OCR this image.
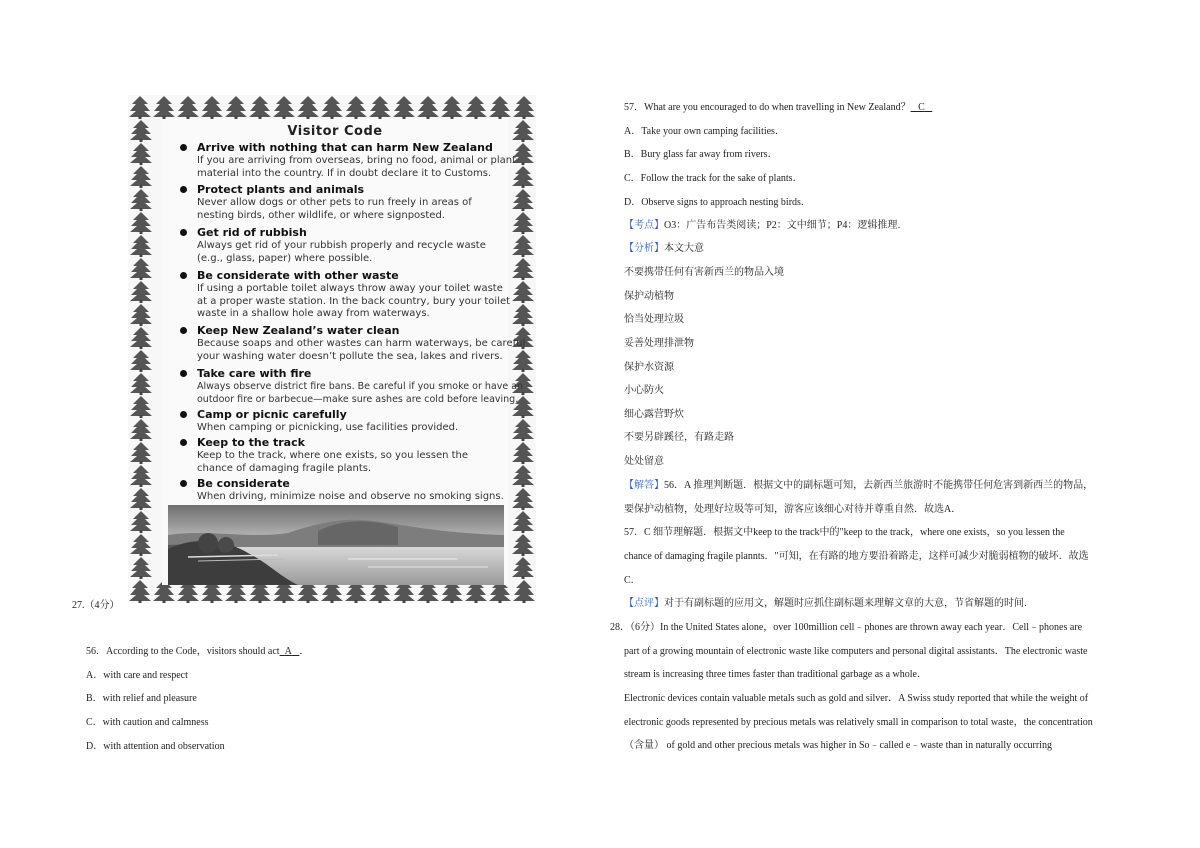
Visitor Code
Arrive with nothing that can harm New Zealand
If you are arriving from overseas, bring no food, animal or plant
material into the country. If in doubt declare it to Customs.
Protect plants and animals
Never allow dogs or other pets to run freely in areas of
nesting birds, other wildlife, or where signposted.
Get rid of rubbish
Always get rid of your rubbish properly and recycle waste
(e.g., glass, paper) where possible.
Be considerate with other waste
If using a portable toilet always throw away your toilet waste
at a proper waste station. In the back country, bury your toilet
waste in a shallow hole away from waterways.
Keep New Zealand’s water clean
Because soaps and other wastes can harm waterways, be careful
your washing water doesn’t pollute the sea, lakes and rivers.
Take care with fire
Always observe district fire bans. Be careful if you smoke or have an
outdoor fire or barbecue—make sure ashes are cold before leaving.
Camp or picnic carefully
When camping or picnicking, use facilities provided.
Keep to the track
Keep to the track, where one exists, so you lessen the
chance of damaging fragile plants.
Be considerate
When driving, minimize noise and observe no smoking signs.
27.（4分）
56．According to the Code，visitors should act A ．
A．with care and respect
B．with relief and pleasure
C．with caution and calmness
D．with attention and observation
57．What are you encouraged to do when travelling in New Zealand？ C
A．Take your own camping facilities．
B．Bury glass far away from rivers．
C．Follow the track for the sake of plants．
D．Observe signs to approach nesting birds．
【考点】O3：广告布告类阅读；P2：文中细节；P4：逻辑推理．
【分析】本文大意
不要携带任何有害新西兰的物品入境
保护动植物
恰当处理垃圾
妥善处理排泄物
保护水资源
小心防火
细心露营野炊
不要另辟蹊径，有路走路
处处留意
【解答】56．A 推理判断题．根据文中的副标题可知，去新西兰旅游时不能携带任何危害到新西兰的物品，
要保护动植物，处理好垃圾等可知，游客应该细心对待并尊重自然．故选A．
57．C 细节理解题．根据文中keep to the track中的"keep to the track，where one exists，so you lessen the
chance of damaging fragile plannts．"可知，在有路的地方要沿着路走，这样可减少对脆弱植物的破坏．故选
C．
【点评】对于有副标题的应用文，解题时应抓住副标题来理解文章的大意，节省解题的时间．
28．（6分）In the United States alone，over 100million cell﹣phones are thrown away each year．Cell﹣phones are
part of a growing mountain of electronic waste like computers and personal digital assistants．The electronic waste
stream is increasing three times faster than traditional garbage as a whole．
Electronic devices contain valuable metals such as gold and silver．A Swiss study reported that while the weight of
electronic goods represented by precious metals was relatively small in comparison to total waste，the concentration
（含量） of gold and other precious metals was higher in So﹣called e﹣waste than in naturally occurring
